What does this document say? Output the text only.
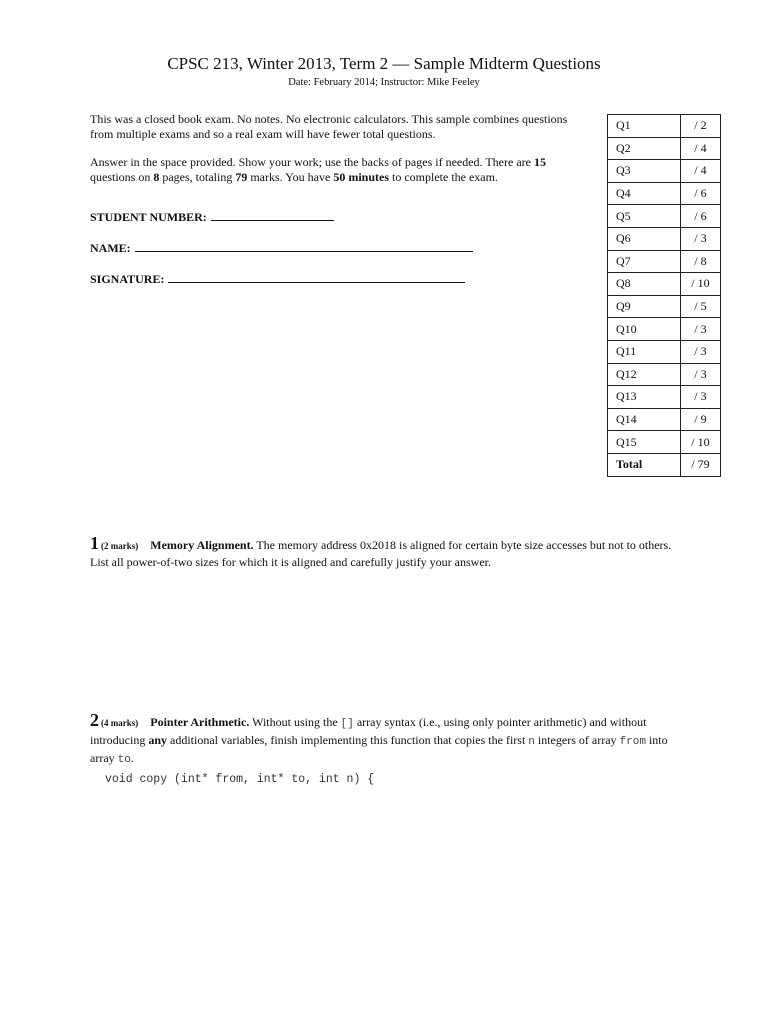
CPSC 213, Winter 2013, Term 2 — Sample Midterm Questions
Date: February 2014; Instructor: Mike Feeley
This was a closed book exam. No notes. No electronic calculators. This sample combines questions from multiple exams and so a real exam will have fewer total questions.
Answer in the space provided. Show your work; use the backs of pages if needed. There are 15 questions on 8 pages, totaling 79 marks. You have 50 minutes to complete the exam.
STUDENT NUMBER:
NAME:
SIGNATURE:
Q1	/ 2
Q2	/ 4
Q3	/ 4
Q4	/ 6
Q5	/ 6
Q6	/ 3
Q7	/ 8
Q8	/ 10
Q9	/ 5
Q10	/ 3
Q11	/ 3
Q12	/ 3
Q13	/ 3
Q14	/ 9
Q15	/ 10
Total	/ 79
1 (2 marks) Memory Alignment. The memory address 0x2018 is aligned for certain byte size accesses but not to others. List all power-of-two sizes for which it is aligned and carefully justify your answer.
2 (4 marks) Pointer Arithmetic. Without using the [] array syntax (i.e., using only pointer arithmetic) and without introducing any additional variables, finish implementing this function that copies the first n integers of array from into array to.
void copy (int* from, int* to, int n) {
